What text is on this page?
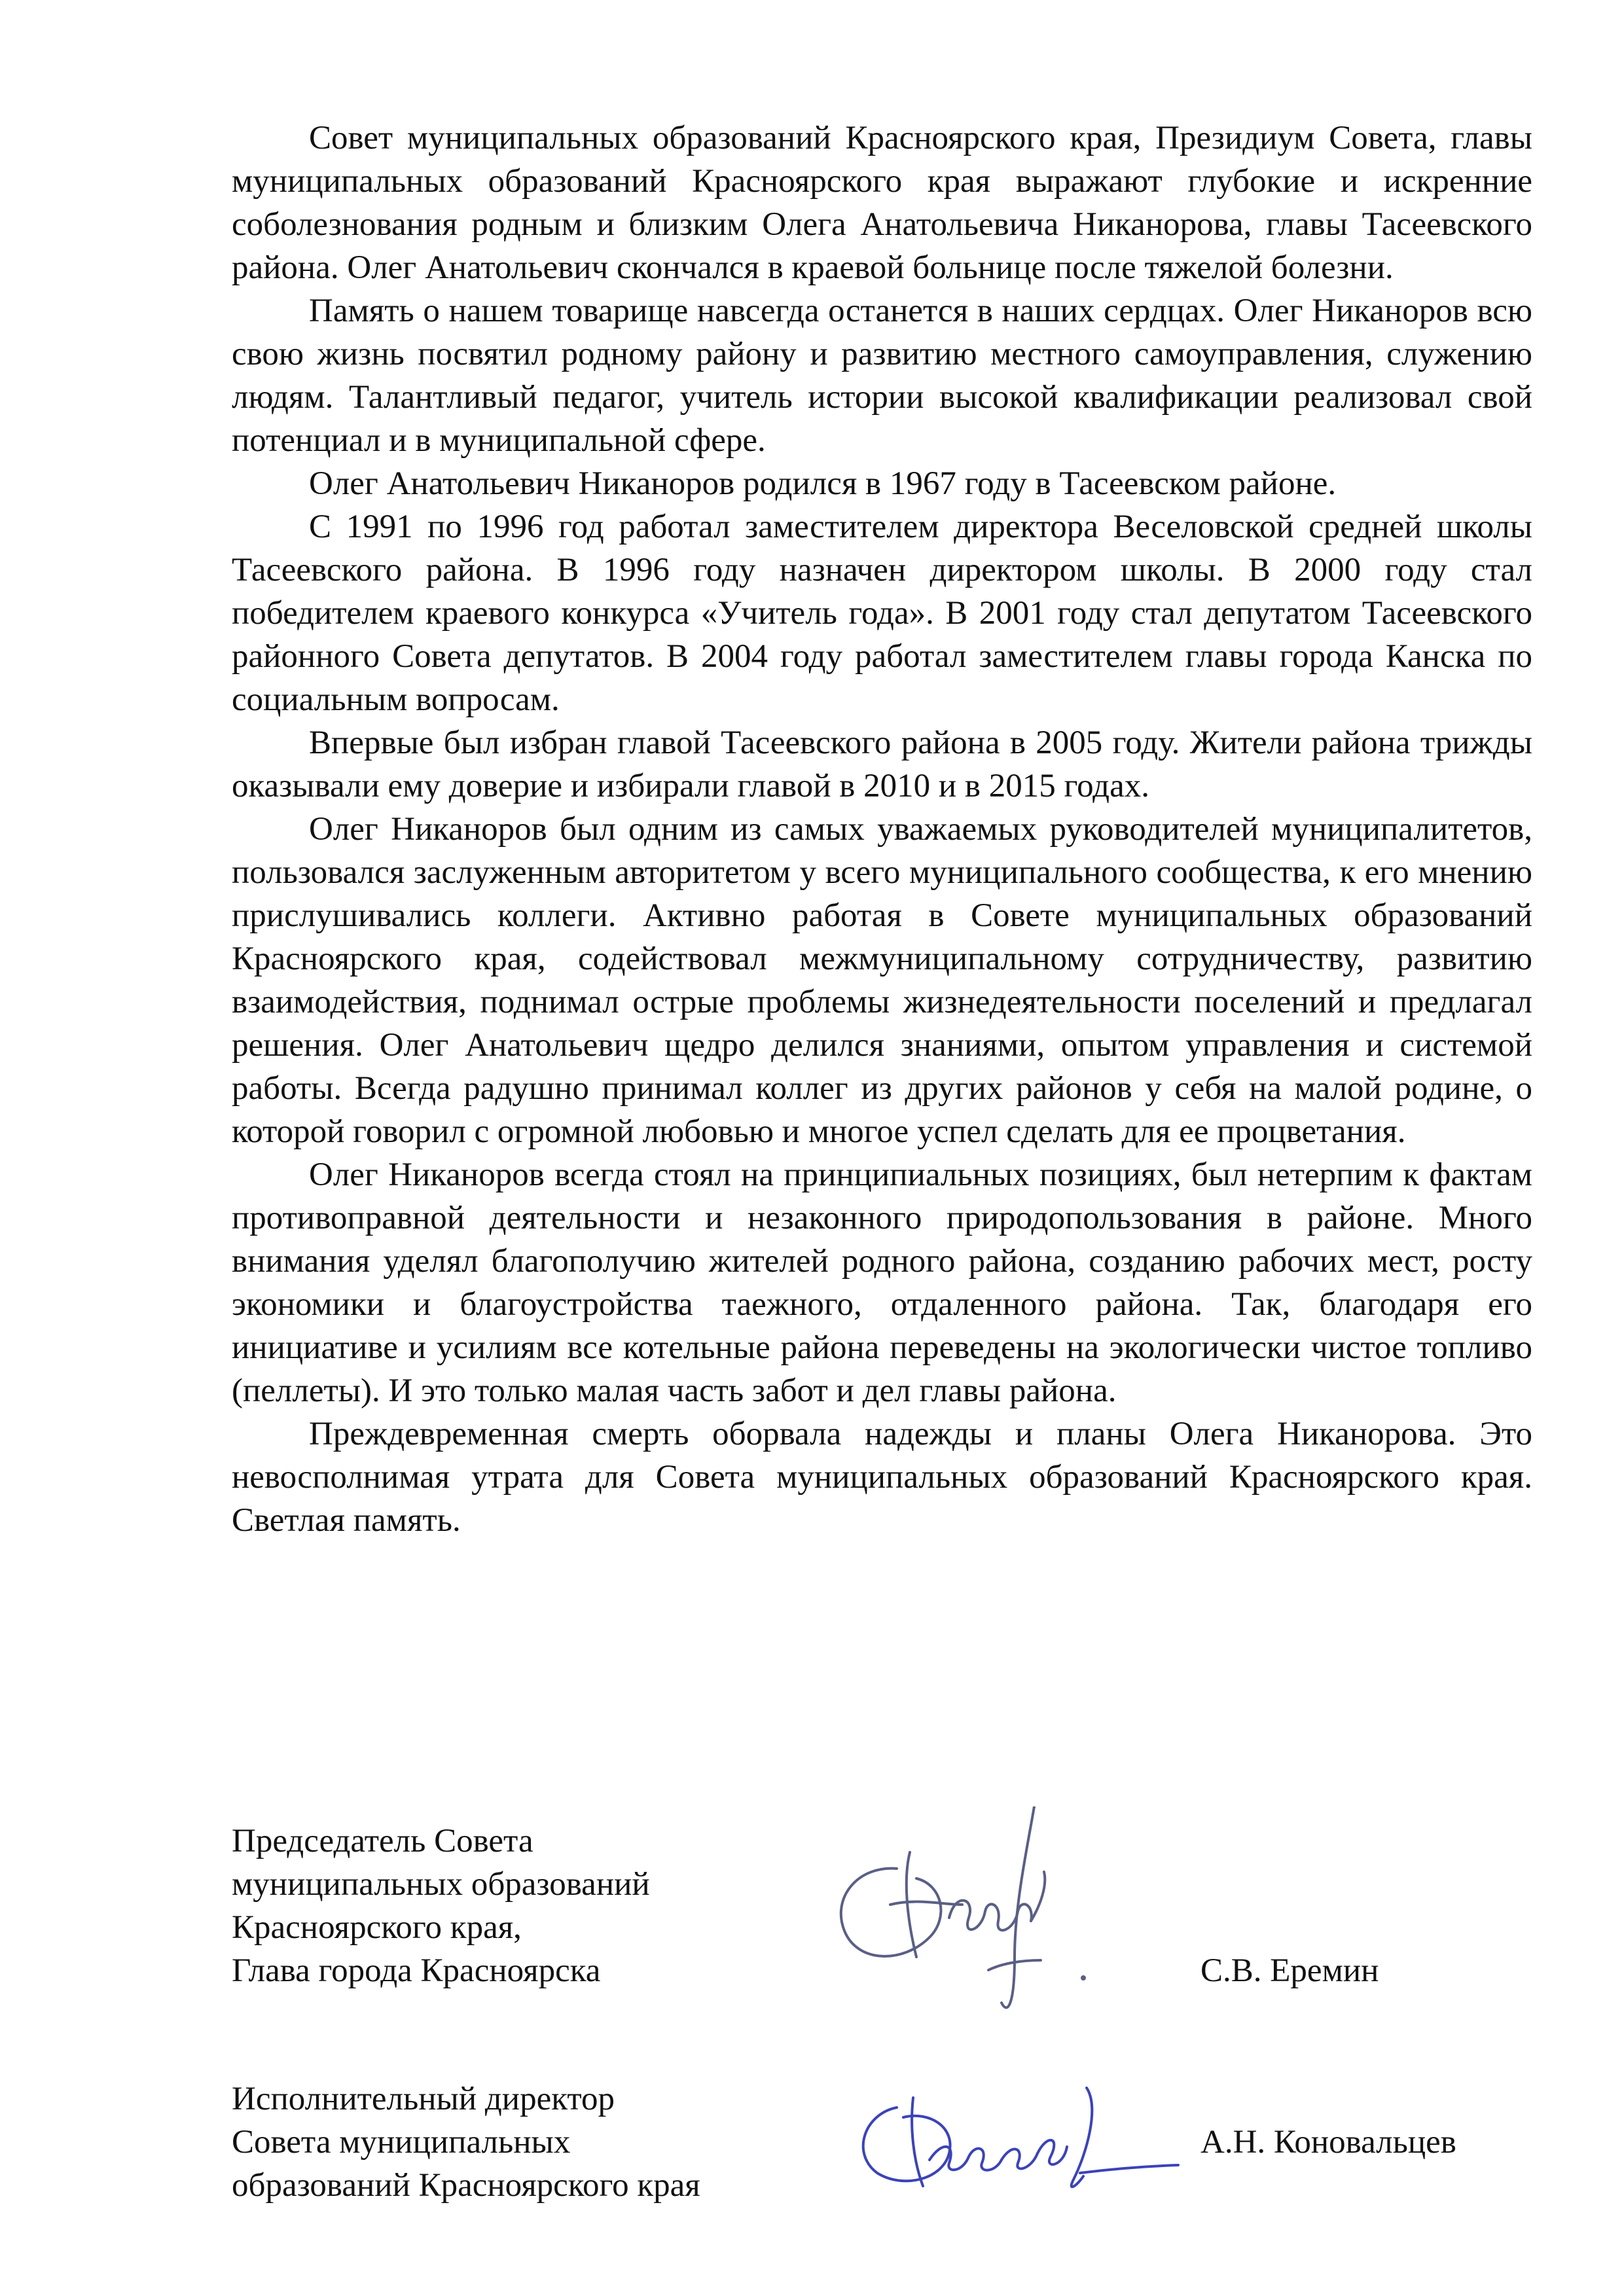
Совет муниципальных образований Красноярского края, Президиум Совета, главы муниципальных образований Красноярского края выражают глубокие и искренние соболезнования родным и близким Олега Анатольевича Никанорова, главы Тасеевского района. Олег Анатольевич скончался в краевой больнице после тяжелой болезни.

Память о нашем товарище навсегда останется в наших сердцах. Олег Никаноров всю свою жизнь посвятил родному району и развитию местного самоуправления, служению людям. Талантливый педагог, учитель истории высокой квалификации реализовал свой потенциал и в муниципальной сфере.

Олег Анатольевич Никаноров родился в 1967 году в Тасеевском районе.

С 1991 по 1996 год работал заместителем директора Веселовской средней школы Тасеевского района. В 1996 году назначен директором школы. В 2000 году стал победителем краевого конкурса «Учитель года». В 2001 году стал депутатом Тасеевского районного Совета депутатов. В 2004 году работал заместителем главы города Канска по социальным вопросам.

Впервые был избран главой Тасеевского района в 2005 году. Жители района трижды оказывали ему доверие и избирали главой в 2010 и в 2015 годах.

Олег Никаноров был одним из самых уважаемых руководителей муниципалитетов, пользовался заслуженным авторитетом у всего муниципального сообщества, к его мнению прислушивались коллеги. Активно работая в Совете муниципальных образований Красноярского края, содействовал межмуниципальному сотрудничеству, развитию взаимодействия, поднимал острые проблемы жизнедеятельности поселений и предлагал решения. Олег Анатольевич щедро делился знаниями, опытом управления и системой работы. Всегда радушно принимал коллег из других районов у себя на малой родине, о которой говорил с огромной любовью и многое успел сделать для ее процветания.

Олег Никаноров всегда стоял на принципиальных позициях, был нетерпим к фактам противоправной деятельности и незаконного природопользования в районе. Много внимания уделял благополучию жителей родного района, созданию рабочих мест, росту экономики и благоустройства таежного, отдаленного района. Так, благодаря его инициативе и усилиям все котельные района переведены на экологически чистое топливо (пеллеты). И это только малая часть забот и дел главы района.

Преждевременная смерть оборвала надежды и планы Олега Никанорова. Это невосполнимая утрата для Совета муниципальных образований Красноярского края. Светлая память.

Председатель Совета
муниципальных образований
Красноярского края,
Глава города Красноярска	С.В. Еремин
Исполнительный директор
Совета муниципальных
образований Красноярского края
А.Н. Коновальцев
